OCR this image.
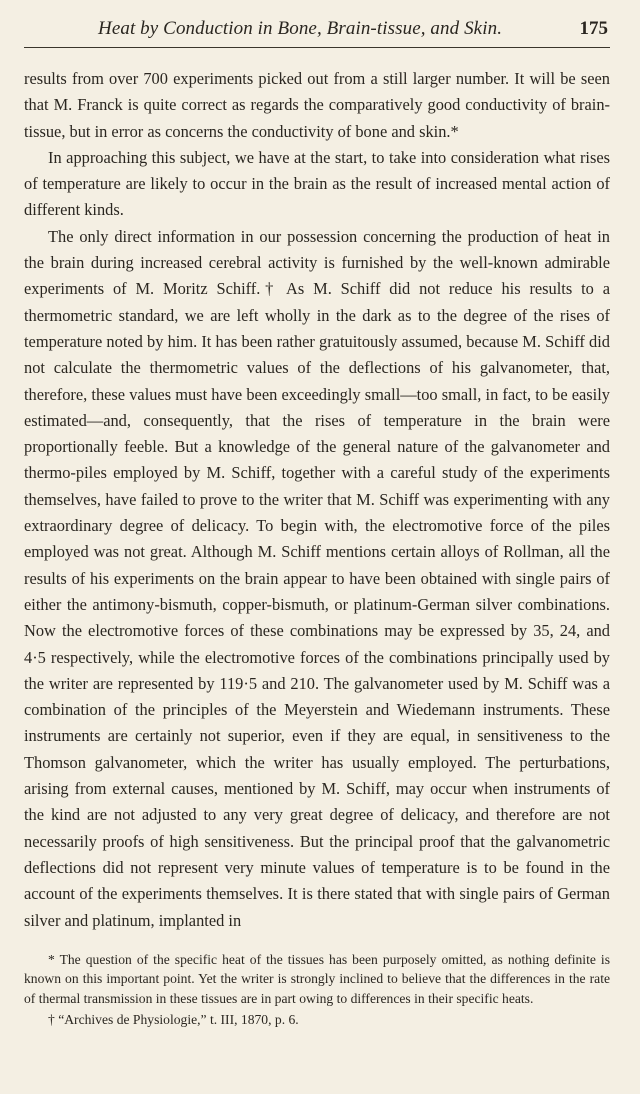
Heat by Conduction in Bone, Brain-tissue, and Skin.	175

results from over 700 experiments picked out from a still larger number. It will be seen that M. Franck is quite correct as regards the comparatively good conductivity of brain-tissue, but in error as concerns the conductivity of bone and skin.*

In approaching this subject, we have at the start, to take into consideration what rises of temperature are likely to occur in the brain as the result of increased mental action of different kinds.

The only direct information in our possession concerning the production of heat in the brain during increased cerebral activity is furnished by the well-known admirable experiments of M. Moritz Schiff.† As M. Schiff did not reduce his results to a thermometric standard, we are left wholly in the dark as to the degree of the rises of temperature noted by him. It has been rather gratuitously assumed, because M. Schiff did not calculate the thermometric values of the deflections of his galvanometer, that, therefore, these values must have been exceedingly small—too small, in fact, to be easily estimated—and, consequently, that the rises of temperature in the brain were proportionally feeble. But a knowledge of the general nature of the galvanometer and thermo-piles employed by M. Schiff, together with a careful study of the experiments themselves, have failed to prove to the writer that M. Schiff was experimenting with any extraordinary degree of delicacy. To begin with, the electromotive force of the piles employed was not great. Although M. Schiff mentions certain alloys of Rollman, all the results of his experiments on the brain appear to have been obtained with single pairs of either the antimony-bismuth, copper-bismuth, or platinum-German silver combinations. Now the electromotive forces of these combinations may be expressed by 35, 24, and 4·5 respectively, while the electromotive forces of the combinations principally used by the writer are represented by 119·5 and 210. The galvanometer used by M. Schiff was a combination of the principles of the Meyerstein and Wiedemann instruments. These instruments are certainly not superior, even if they are equal, in sensitiveness to the Thomson galvanometer, which the writer has usually employed. The perturbations, arising from external causes, mentioned by M. Schiff, may occur when instruments of the kind are not adjusted to any very great degree of delicacy, and therefore are not necessarily proofs of high sensitiveness. But the principal proof that the galvanometric deflections did not represent very minute values of temperature is to be found in the account of the experiments themselves. It is there stated that with single pairs of German silver and platinum, implanted in

* The question of the specific heat of the tissues has been purposely omitted, as nothing definite is known on this important point. Yet the writer is strongly inclined to believe that the differences in the rate of thermal transmission in these tissues are in part owing to differences in their specific heats.

† “Archives de Physiologie,” t. III, 1870, p. 6.
